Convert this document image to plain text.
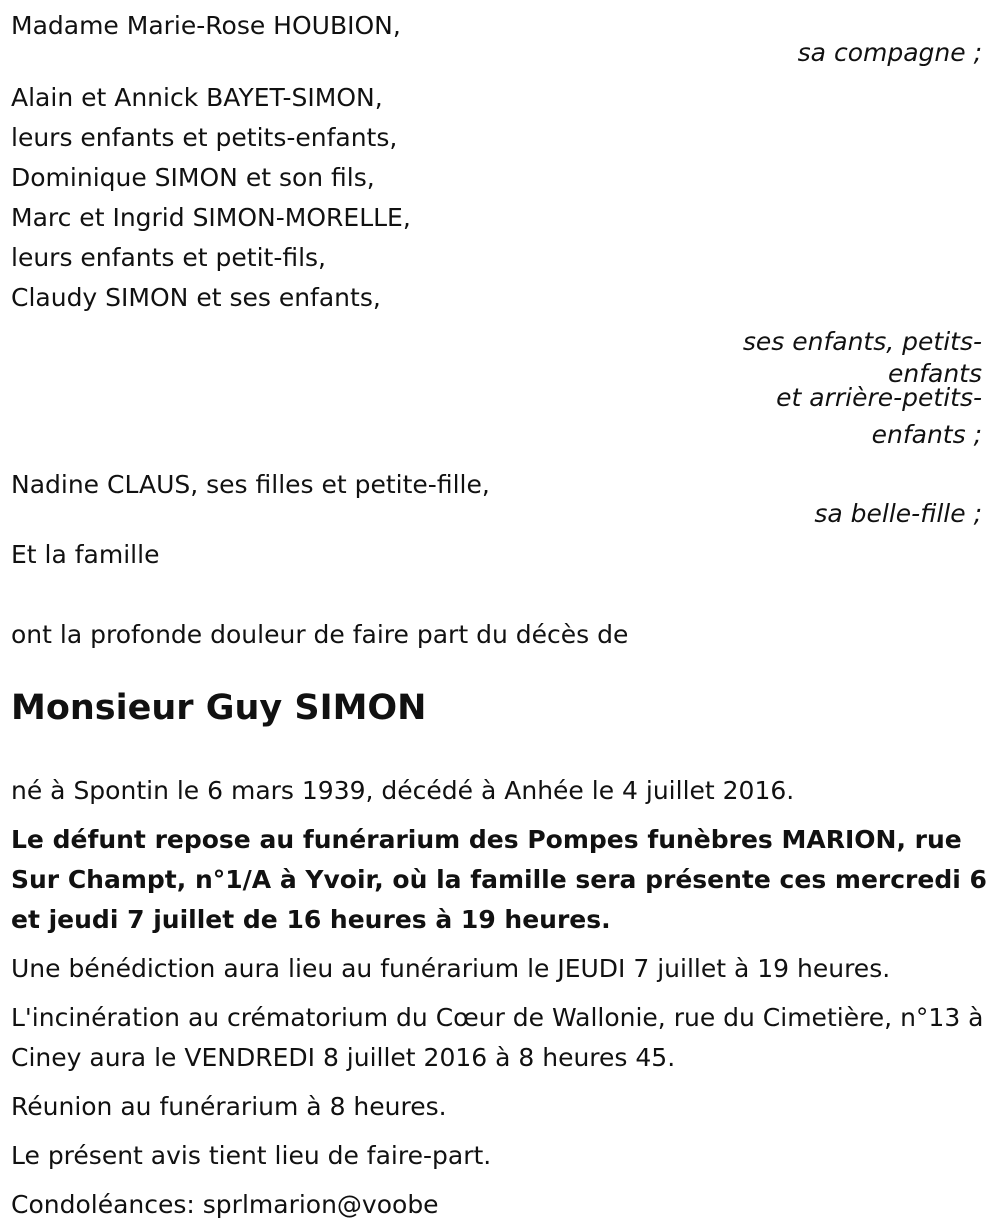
Madame Marie-Rose HOUBION,
sa compagne ;
Alain et Annick BAYET-SIMON,
leurs enfants et petits-enfants,
Dominique SIMON et son fils,
Marc et Ingrid SIMON-MORELLE,
leurs enfants et petit-fils,
Claudy SIMON et ses enfants,
ses enfants, petits-
enfants
et arrière-petits-
enfants ;
Nadine CLAUS, ses filles et petite-fille,
sa belle-fille ;
Et la famille
ont la profonde douleur de faire part du décès de
Monsieur Guy SIMON
né à Spontin le 6 mars 1939, décédé à Anhée le 4 juillet 2016.
Le défunt repose au funérarium des Pompes funèbres MARION, rue Sur Champt, n°1/A à Yvoir, où la famille sera présente ces mercredi 6 et jeudi 7 juillet de 16 heures à 19 heures.
Une bénédiction aura lieu au funérarium le JEUDI 7 juillet à 19 heures.
L'incinération au crématorium du Cœur de Wallonie, rue du Cimetière, n°13 à Ciney aura le VENDREDI 8 juillet 2016 à 8 heures 45.
Réunion au funérarium à 8 heures.
Le présent avis tient lieu de faire-part.
Condoléances: sprlmarion@voobe
